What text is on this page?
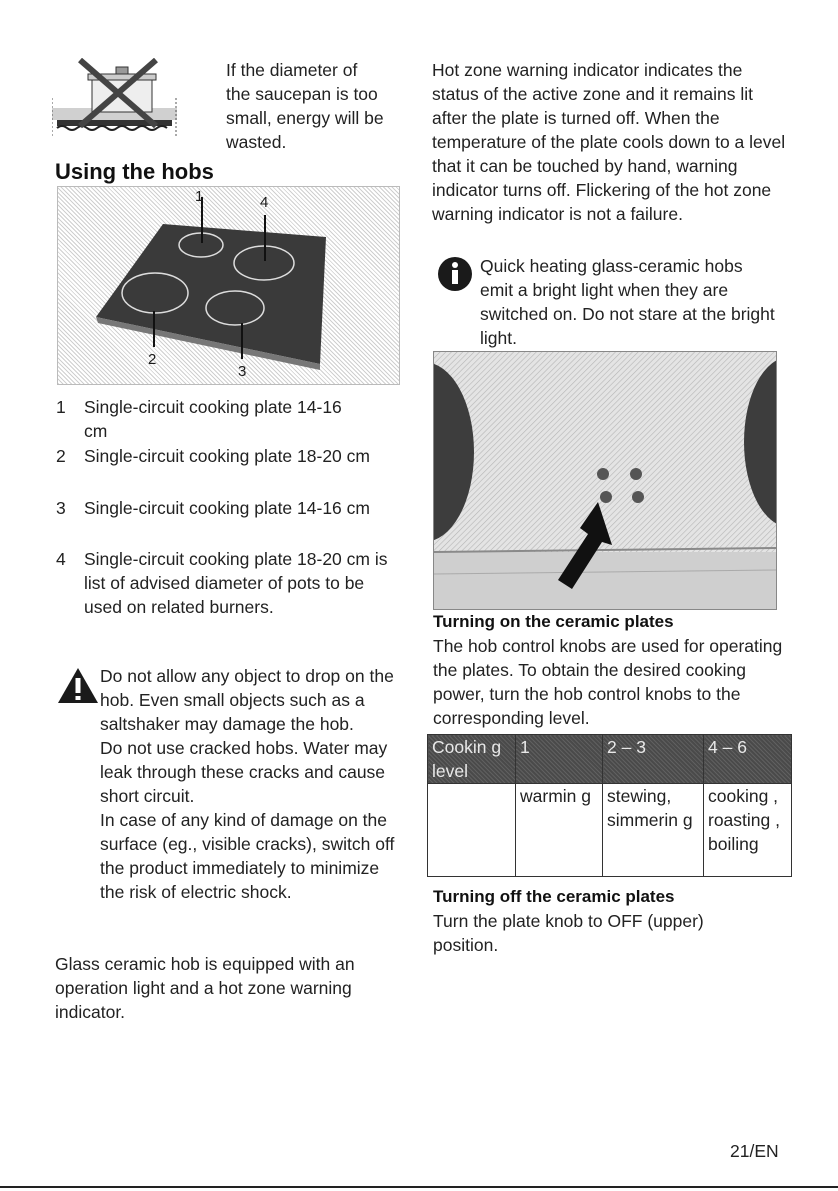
If the diameter of the saucepan is too small, energy will be wasted.
Using the hobs
1	4
2
3
1 Single-circuit cooking plate 14-16 cm
2 Single-circuit cooking plate 18-20 cm
3 Single-circuit cooking plate 14-16 cm
4 Single-circuit cooking plate 18-20 cm is list of advised diameter of pots to be used on related burners.
Do not allow any object to drop on the hob. Even small objects such as a saltshaker may damage the hob.
Do not use cracked hobs. Water may leak through these cracks and cause short circuit.
In case of any kind of damage on the surface (eg., visible cracks), switch off the product immediately to minimize the risk of electric shock.
Glass ceramic hob is equipped with an operation light and a hot zone warning indicator.
Hot zone warning indicator indicates the status of the active zone and it remains lit after the plate is turned off. When the temperature of the plate cools down to a level that it can be touched by hand, warning indicator turns off. Flickering of the hot zone warning indicator is not a failure.
Quick heating glass-ceramic hobs emit a bright light when they are switched on. Do not stare at the bright light.
Turning on the ceramic plates
The hob control knobs are used for operating the plates. To obtain the desired cooking power, turn the hob control knobs to the corresponding level.
Cookin g level	1	2 – 3	4 – 6
	warmin g	stewing, simmerin g	cooking , roasting , boiling
Turning off the ceramic plates
Turn the plate knob to OFF (upper) position.
21/EN
